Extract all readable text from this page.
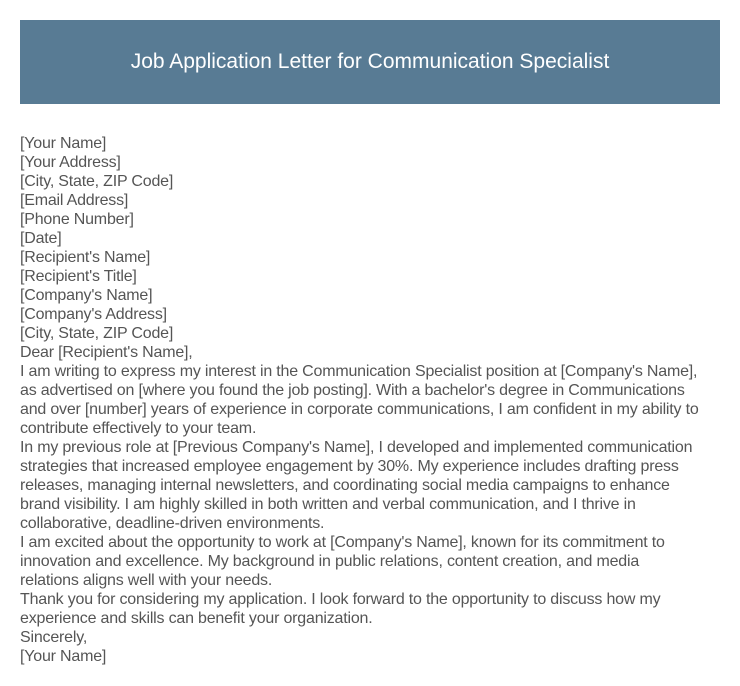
Job Application Letter for Communication Specialist
[Your Name]
[Your Address]
[City, State, ZIP Code]
[Email Address]
[Phone Number]
[Date]
[Recipient's Name]
[Recipient's Title]
[Company's Name]
[Company's Address]
[City, State, ZIP Code]
Dear [Recipient's Name],
I am writing to express my interest in the Communication Specialist position at [Company's Name],
as advertised on [where you found the job posting]. With a bachelor's degree in Communications
and over [number] years of experience in corporate communications, I am confident in my ability to
contribute effectively to your team.
In my previous role at [Previous Company's Name], I developed and implemented communication
strategies that increased employee engagement by 30%. My experience includes drafting press
releases, managing internal newsletters, and coordinating social media campaigns to enhance
brand visibility. I am highly skilled in both written and verbal communication, and I thrive in
collaborative, deadline-driven environments.
I am excited about the opportunity to work at [Company's Name], known for its commitment to
innovation and excellence. My background in public relations, content creation, and media
relations aligns well with your needs.
Thank you for considering my application. I look forward to the opportunity to discuss how my
experience and skills can benefit your organization.
Sincerely,
[Your Name]
